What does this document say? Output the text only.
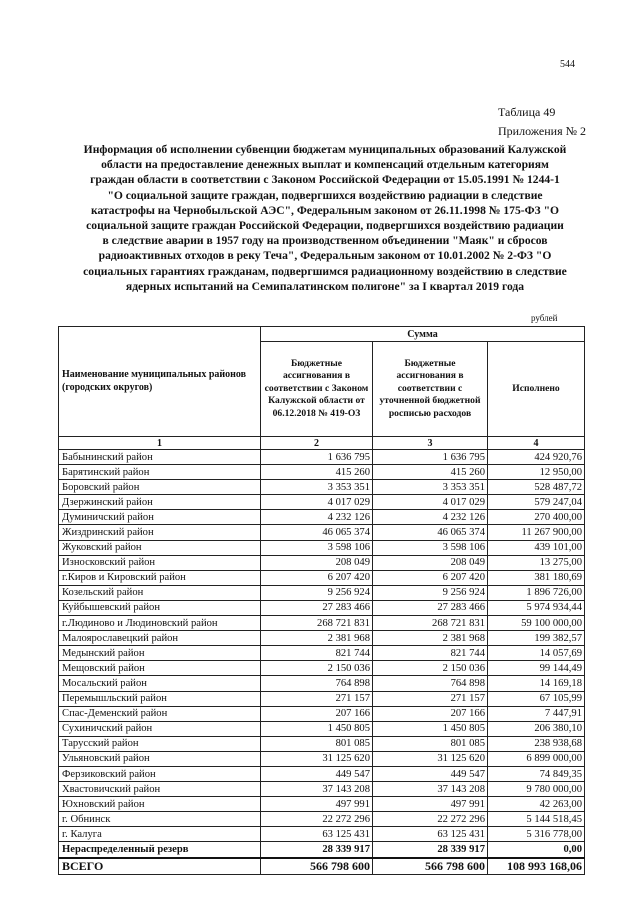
544
Таблица 49
Приложения № 2
Информация об исполнении субвенции бюджетам муниципальных образований Калужской
области на предоставление денежных выплат и компенсаций отдельным категориям
граждан области в соответствии с Законом Российской Федерации от 15.05.1991 № 1244-1
"О социальной защите граждан, подвергшихся воздействию радиации в следствие
катастрофы на Чернобыльской АЭС", Федеральным законом от 26.11.1998 № 175-ФЗ "О
социальной защите граждан Российской Федерации, подвергшихся воздействию радиации
в следствие аварии в 1957 году на производственном объединении "Маяк" и сбросов
радиоактивных отходов в реку Теча", Федеральным законом от 10.01.2002 № 2-ФЗ "О
социальных гарантиях гражданам, подвергшимся радиационному воздействию в следствие
ядерных испытаний на Семипалатинском полигоне" за I квартал 2019 года
рублей
Наименование муниципальных районов (городских округов)	Сумма		
	Бюджетные ассигнования в соответствии с Законом Калужской области от 06.12.2018 № 419-ОЗ	Бюджетные ассигнования в соответствии с уточненной бюджетной росписью расходов	Исполнено
1	2	3	4
Бабынинский район	1 636 795	1 636 795	424 920,76
Барятинский район	415 260	415 260	12 950,00
Боровский район	3 353 351	3 353 351	528 487,72
Дзержинский район	4 017 029	4 017 029	579 247,04
Думиничский район	4 232 126	4 232 126	270 400,00
Жиздринский район	46 065 374	46 065 374	11 267 900,00
Жуковский район	3 598 106	3 598 106	439 101,00
Износковский район	208 049	208 049	13 275,00
г.Киров и Кировский район	6 207 420	6 207 420	381 180,69
Козельский район	9 256 924	9 256 924	1 896 726,00
Куйбышевский район	27 283 466	27 283 466	5 974 934,44
г.Людиново и Людиновский район	268 721 831	268 721 831	59 100 000,00
Малоярославецкий район	2 381 968	2 381 968	199 382,57
Медынский район	821 744	821 744	14 057,69
Мещовский район	2 150 036	2 150 036	99 144,49
Мосальский район	764 898	764 898	14 169,18
Перемышльский район	271 157	271 157	67 105,99
Спас-Деменский район	207 166	207 166	7 447,91
Сухиничский район	1 450 805	1 450 805	206 380,10
Тарусский район	801 085	801 085	238 938,68
Ульяновский район	31 125 620	31 125 620	6 899 000,00
Ферзиковский район	449 547	449 547	74 849,35
Хвастовичский район	37 143 208	37 143 208	9 780 000,00
Юхновский район	497 991	497 991	42 263,00
г. Обнинск	22 272 296	22 272 296	5 144 518,45
г. Калуга	63 125 431	63 125 431	5 316 778,00
Нераспределенный резерв	28 339 917	28 339 917	0,00
ВСЕГО	566 798 600	566 798 600	108 993 168,06
